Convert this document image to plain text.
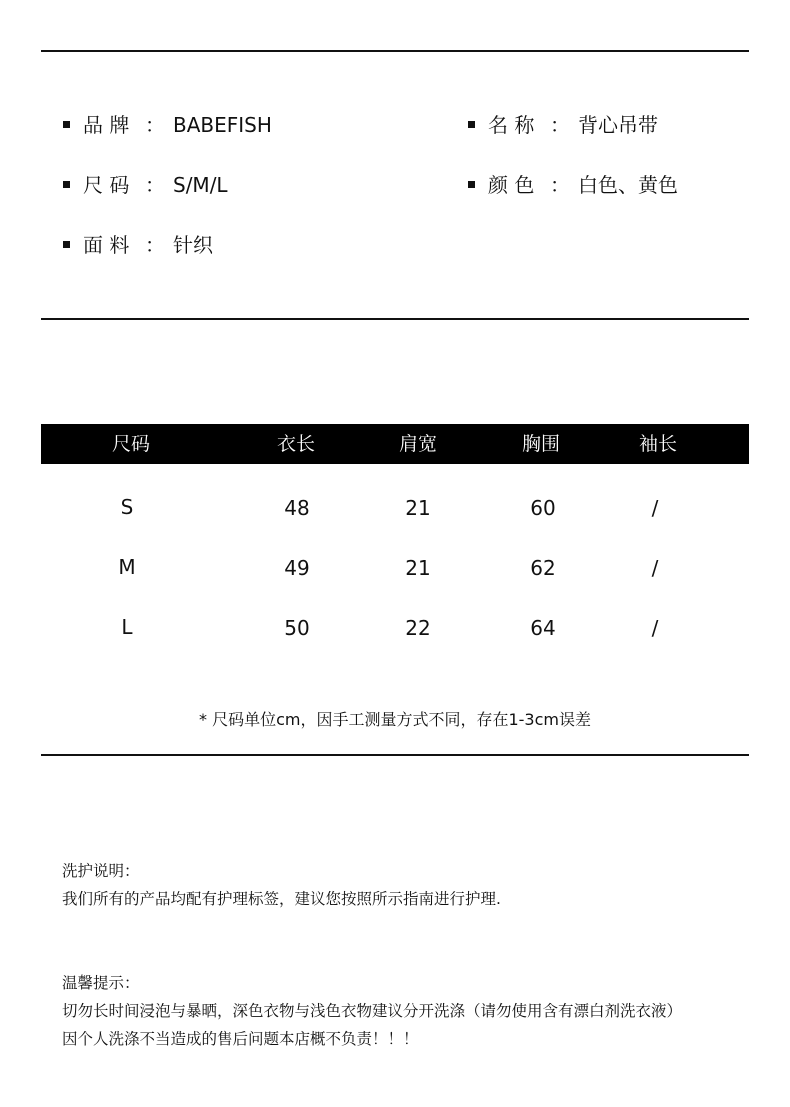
品 牌 ： BABEFISH	名 称 ： 背心吊带
尺 码 ： S/M/L	颜 色 ： 白色、黄色
面 料 ： 针织
尺码	衣长	肩宽	胸围	袖长
S	48	21	60	/
M	49	21	62	/
L	50	22	64	/
* 尺码单位cm，因手工测量方式不同，存在1-3cm误差
洗护说明：
我们所有的产品均配有护理标签，建议您按照所示指南进行护理.
温馨提示：
切勿长时间浸泡与暴晒，深色衣物与浅色衣物建议分开洗涤（请勿使用含有漂白剂洗衣液）
因个人洗涤不当造成的售后问题本店概不负责！！！
